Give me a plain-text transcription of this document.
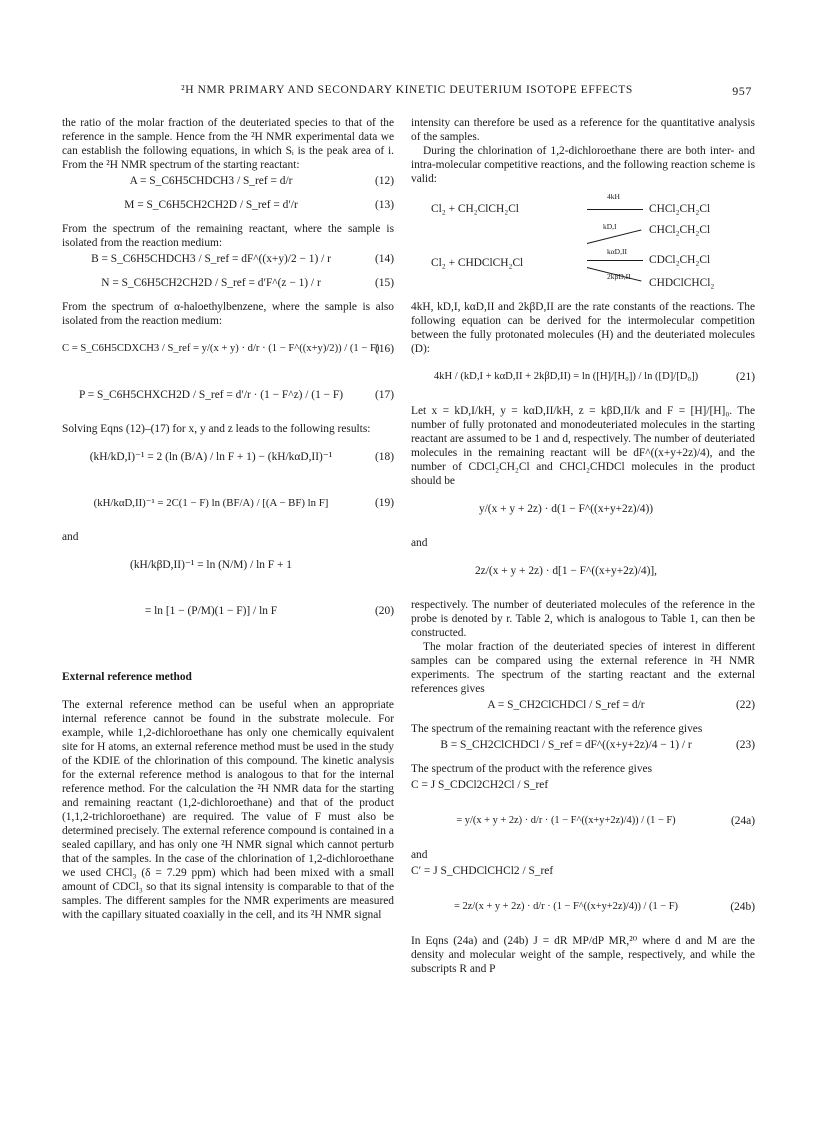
²H NMR PRIMARY AND SECONDARY KINETIC DEUTERIUM ISOTOPE EFFECTS	957

the ratio of the molar fraction of the deuteriated species to that of the reference in the sample. Hence from the ²H NMR experimental data we can establish the following equations, in which Sᵢ is the peak area of i. From the ²H NMR spectrum of the starting reactant:

A = S_C6H5CHDCH3 / S_ref = d/r	(12)
M = S_C6H5CH2CH2D / S_ref = d′/r	(13)

From the spectrum of the remaining reactant, where the sample is isolated from the reaction medium:

B = S_C6H5CHDCH3 / S_ref = dF^((x+y)/2 − 1) / r	(14)
N = S_C6H5CH2CH2D / S_ref = d′F^(z − 1) / r	(15)

From the spectrum of α-haloethylbenzene, where the sample is also isolated from the reaction medium:

C = S_C6H5CDXCH3 / S_ref = y/(x + y) · d/r · (1 − F^((x+y)/2)) / (1 − F)
(16)
P = S_C6H5CHXCH2D / S_ref = d′/r · (1 − F^z) / (1 − F)	(17)

Solving Eqns (12)–(17) for x, y and z leads to the following results:

(kH/kD,I)⁻¹ = 2 (ln (B/A) / ln F + 1) − (kH/kαD,II)⁻¹	(18)
(kH/kαD,II)⁻¹ = 2C(1 − F) ln (BF/A) / [(A − BF) ln F]	(19)

and

(kH/kβD,II)⁻¹ = ln (N/M) / ln F + 1
= ln [1 − (P/M)(1 − F)] / ln F	(20)

External reference method

The external reference method can be useful when an appropriate internal reference cannot be found in the substrate molecule. For example, while 1,2-dichloroethane has only one chemically equivalent site for H atoms, an external reference method must be used in the study of the KDIE of the chlorination of this compound. The kinetic analysis for the external reference method is analogous to that for the internal reference method. For the calculation the ²H NMR data for the starting and remaining reactant (1,2-dichloroethane) and that of the product (1,1,2-trichloroethane) are required. The value of F must also be determined precisely. The external reference compound is contained in a sealed capillary, and has only one ²H NMR signal which cannot perturb that of the samples. In the case of the chlorination of 1,2-dichloroethane we used CHCl₃ (δ = 7.29 ppm) which had been mixed with a small amount of CDCl₃ so that its signal intensity is comparable to that of the samples. The different samples for the NMR experiments are measured with the capillary situated coaxially in the cell, and its ²H NMR signal

intensity can therefore be used as a reference for the quantitative analysis of the samples.

During the chlorination of 1,2-dichloroethane there are both inter- and intra-molecular competitive reactions, and the following reaction scheme is valid:

Cl₂ + CH₂ClCH₂Cl
4kH
CHCl₂CH₂Cl
Cl₂ + CHDClCH₂Cl
kD,I	CHCl₂CH₂Cl
kαD,II
CDCl₂CH₂Cl
2kβD,II
CHDClCHCl₂

4kH, kD,I, kαD,II and 2kβD,II are the rate constants of the reactions. The following equation can be derived for the intermolecular competition between the fully protonated molecules (H) and the deuteriated molecules (D):

4kH / (kD,I + kαD,II + 2kβD,II) = ln ([H]/[H₀]) / ln ([D]/[D₀])	(21)

Let x = kD,I/kH, y = kαD,II/kH, z = kβD,II/k and F = [H]/[H]₀. The number of fully protonated and monodeuteriated molecules in the starting reactant are assumed to be 1 and d, respectively. The number of deuteriated molecules in the remaining reactant will be dF^((x+y+2z)/4), and the number of CDCl₂CH₂Cl and CHCl₂CHDCl molecules in the product should be

y/(x + y + 2z) · d(1 − F^((x+y+2z)/4))

and

2z/(x + y + 2z) · d[1 − F^((x+y+2z)/4)],

respectively. The number of deuteriated molecules of the reference in the probe is denoted by r. Table 2, which is analogous to Table 1, can then be constructed.

The molar fraction of the deuteriated species of interest in different samples can be compared using the external reference in ²H NMR experiments. The spectrum of the starting reactant and the external references gives

A = S_CH2ClCHDCl / S_ref = d/r	(22)

The spectrum of the remaining reactant with the reference gives

B = S_CH2ClCHDCl / S_ref = dF^((x+y+2z)/4 − 1) / r	(23)

The spectrum of the product with the reference gives

C = J S_CDCl2CH2Cl / S_ref
= y/(x + y + 2z) · d/r · (1 − F^((x+y+2z)/4)) / (1 − F)	(24a)

and

C′ = J S_CHDClCHCl2 / S_ref
= 2z/(x + y + 2z) · d/r · (1 − F^((x+y+2z)/4)) / (1 − F)	(24b)

In Eqns (24a) and (24b) J = dR MP/dP MR,²⁰ where d and M are the density and molecular weight of the sample, respectively, and while the subscripts R and P
